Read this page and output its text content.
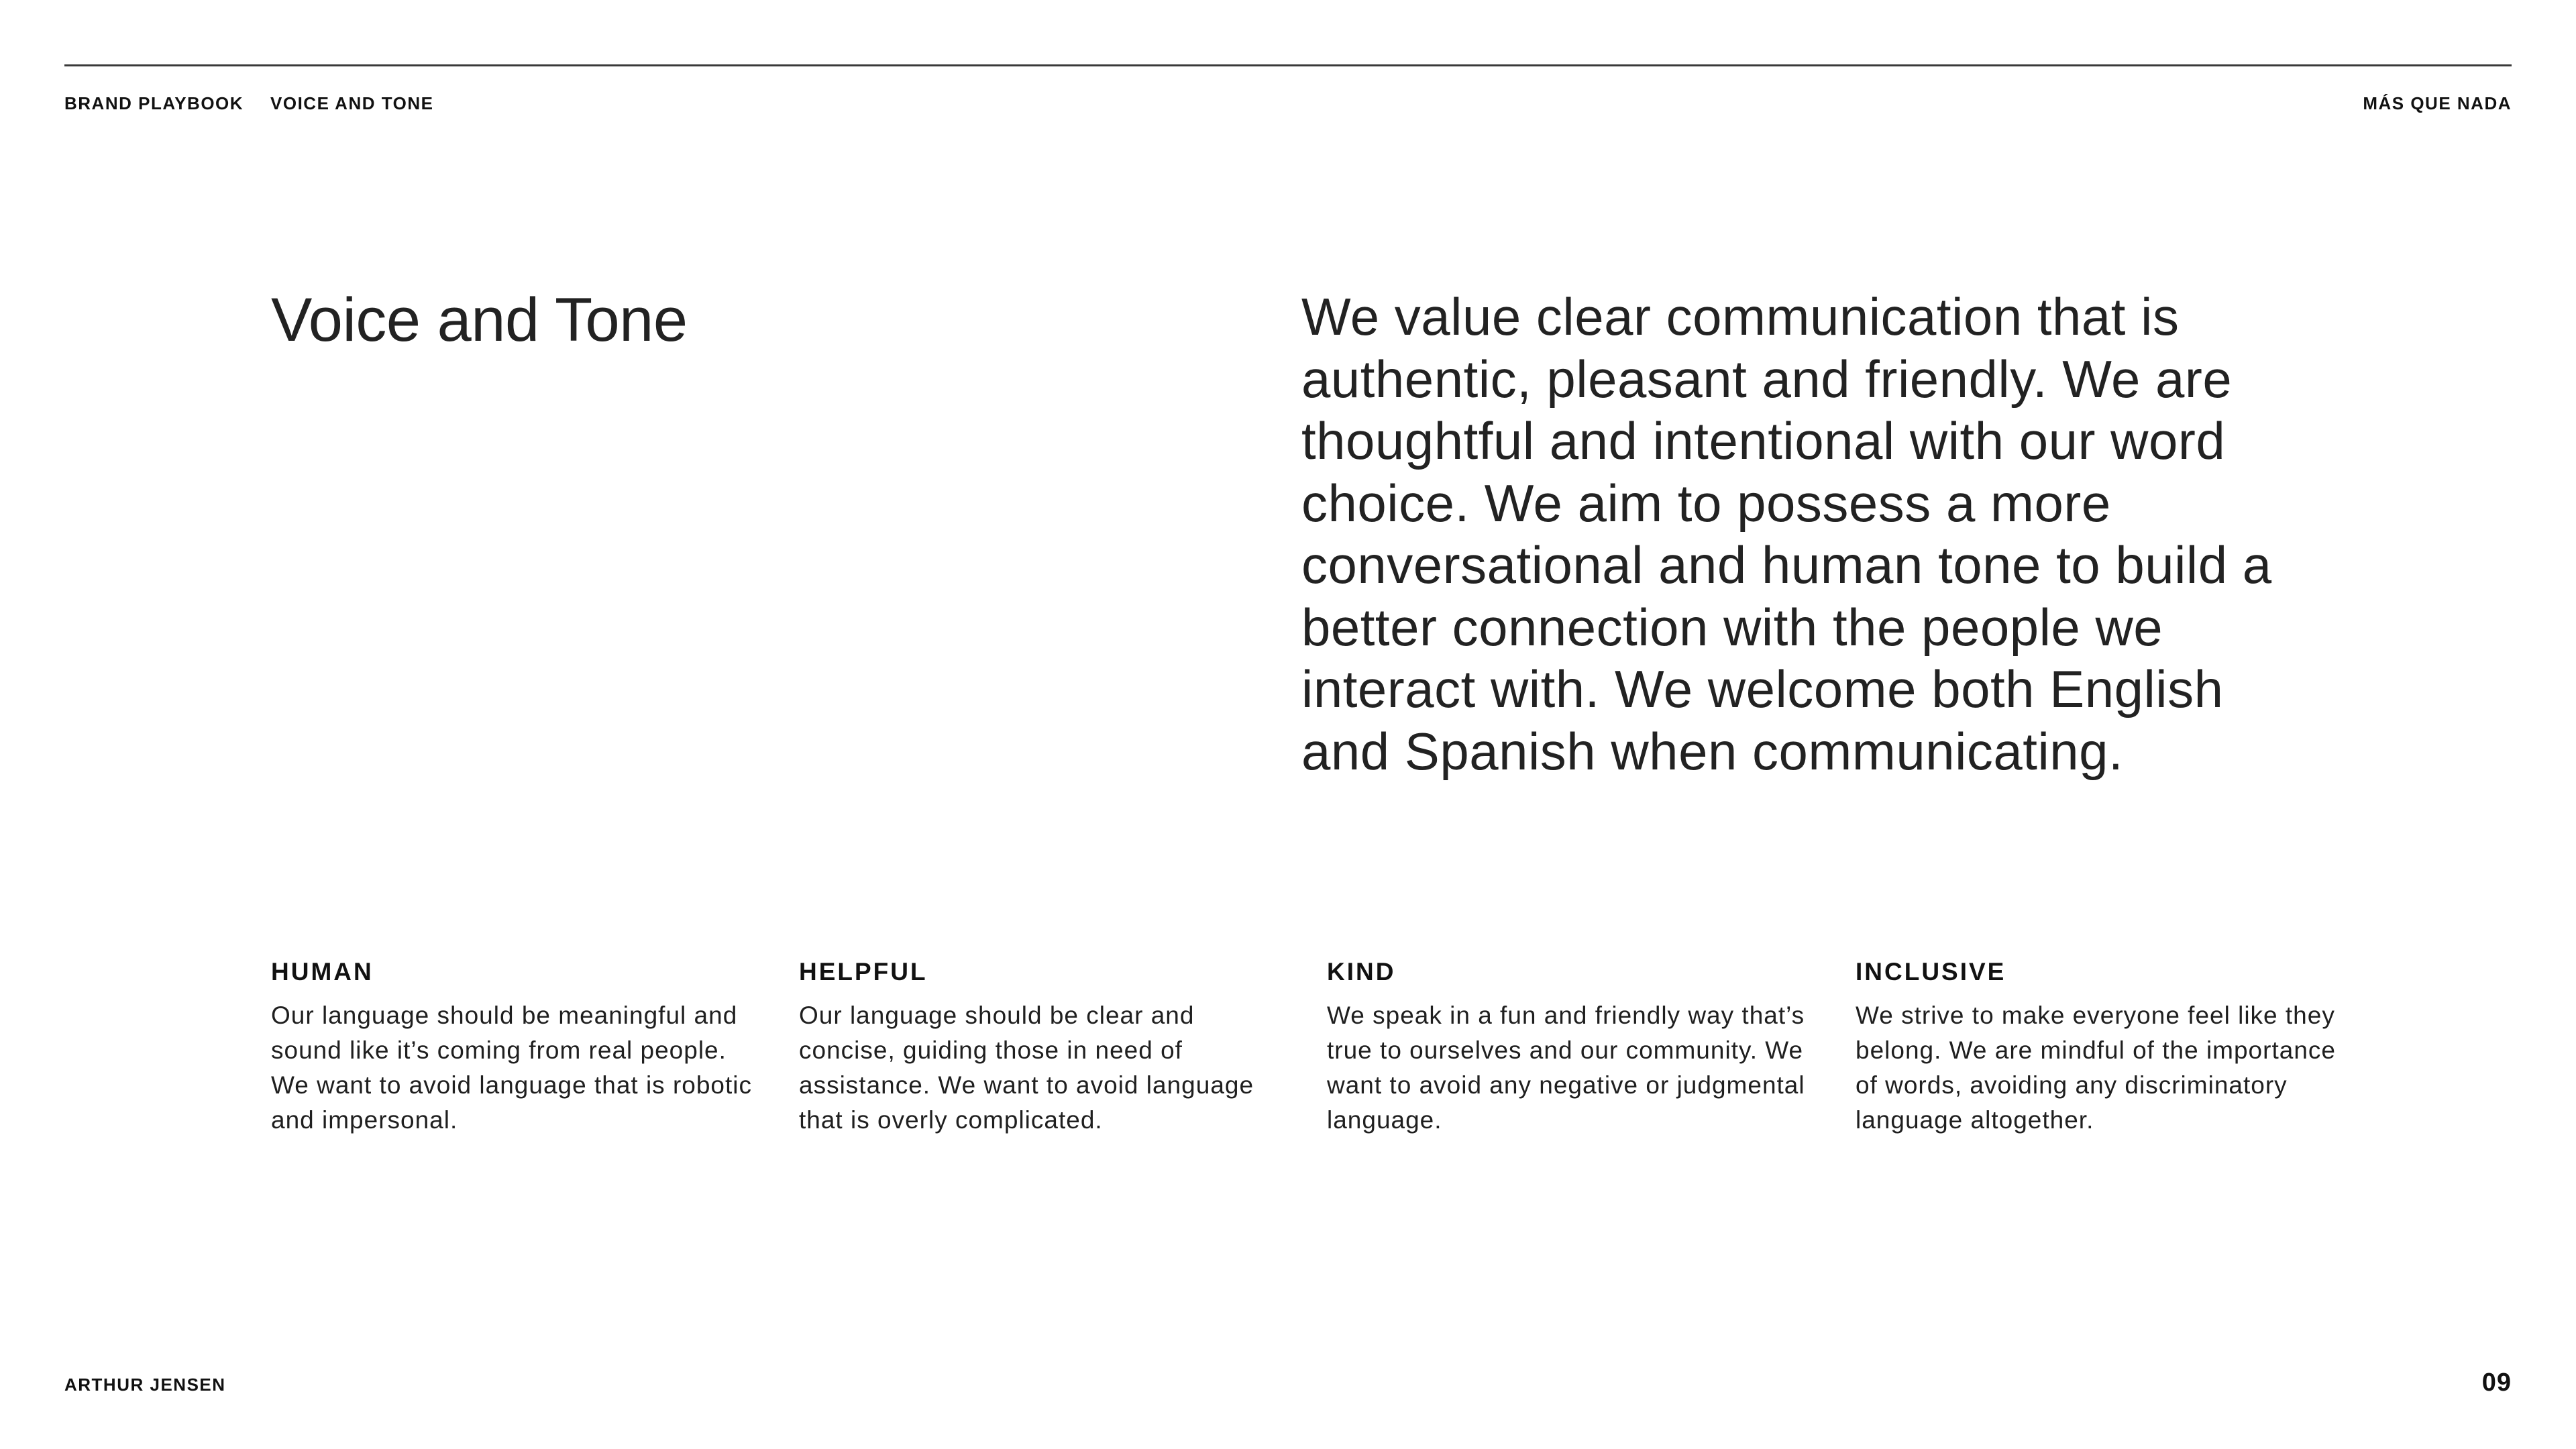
BRAND PLAYBOOK VOICE AND TONE	MÁS QUE NADA
Voice and Tone	We value clear communication that is authentic, pleasant and friendly. We are thoughtful and intentional with our word choice. We aim to possess a more conversational and human tone to build a better connection with the people we interact with. We welcome both English and Spanish when communicating.

HUMAN

Our language should be meaningful and sound like it’s coming from real people. We want to avoid language that is robotic and impersonal.

HELPFUL

Our language should be clear and concise, guiding those in need of assistance. We want to avoid language that is overly complicated.

KIND

We speak in a fun and friendly way that’s true to ourselves and our community. We want to avoid any negative or judgmental language.

INCLUSIVE

We strive to make everyone feel like they belong. We are mindful of the importance of words, avoiding any discriminatory language altogether.

ARTHUR JENSEN	09
